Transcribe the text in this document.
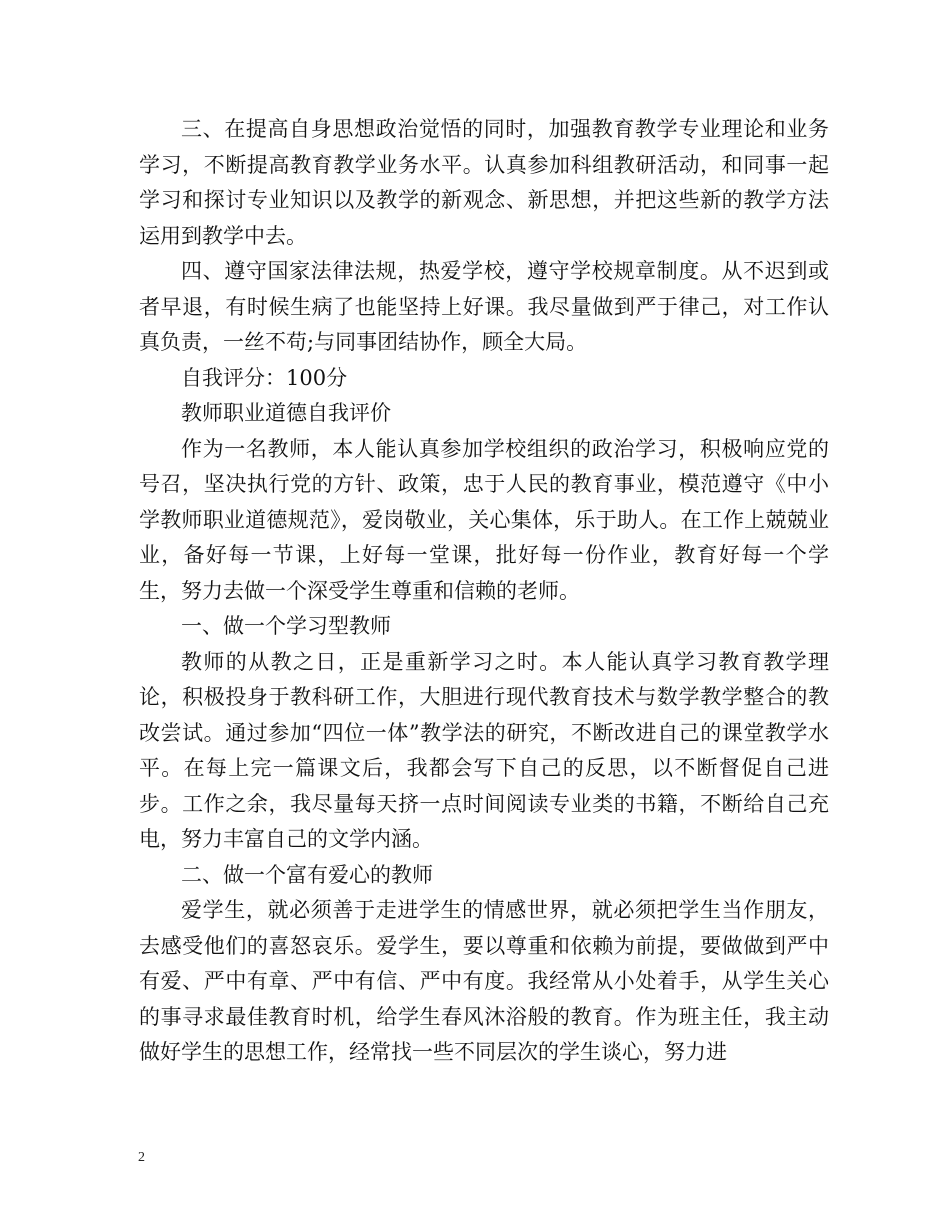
三、在提高自身思想政治觉悟的同时，加强教育教学专业理论和业务学习，不断提高教育教学业务水平。认真参加科组教研活动，和同事一起学习和探讨专业知识以及教学的新观念、新思想，并把这些新的教学方法运用到教学中去。

四、遵守国家法律法规，热爱学校，遵守学校规章制度。从不迟到或者早退，有时候生病了也能坚持上好课。我尽量做到严于律己，对工作认真负责，一丝不苟;与同事团结协作，顾全大局。

自我评分：100分

教师职业道德自我评价

作为一名教师，本人能认真参加学校组织的政治学习，积极响应党的号召，坚决执行党的方针、政策，忠于人民的教育事业，模范遵守《中小学教师职业道德规范》，爱岗敬业，关心集体，乐于助人。在工作上兢兢业业，备好每一节课，上好每一堂课，批好每一份作业，教育好每一个学生，努力去做一个深受学生尊重和信赖的老师。

一、做一个学习型教师

教师的从教之日，正是重新学习之时。本人能认真学习教育教学理论，积极投身于教科研工作，大胆进行现代教育技术与数学教学整合的教改尝试。通过参加“四位一体”教学法的研究，不断改进自己的课堂教学水平。在每上完一篇课文后，我都会写下自己的反思，以不断督促自己进步。工作之余，我尽量每天挤一点时间阅读专业类的书籍，不断给自己充电，努力丰富自己的文学内涵。

二、做一个富有爱心的教师

爱学生，就必须善于走进学生的情感世界，就必须把学生当作朋友，去感受他们的喜怒哀乐。爱学生，要以尊重和依赖为前提，要做做到严中有爱、严中有章、严中有信、严中有度。我经常从小处着手，从学生关心的事寻求最佳教育时机，给学生春风沐浴般的教育。作为班主任，我主动做好学生的思想工作，经常找一些不同层次的学生谈心，努力进

2
